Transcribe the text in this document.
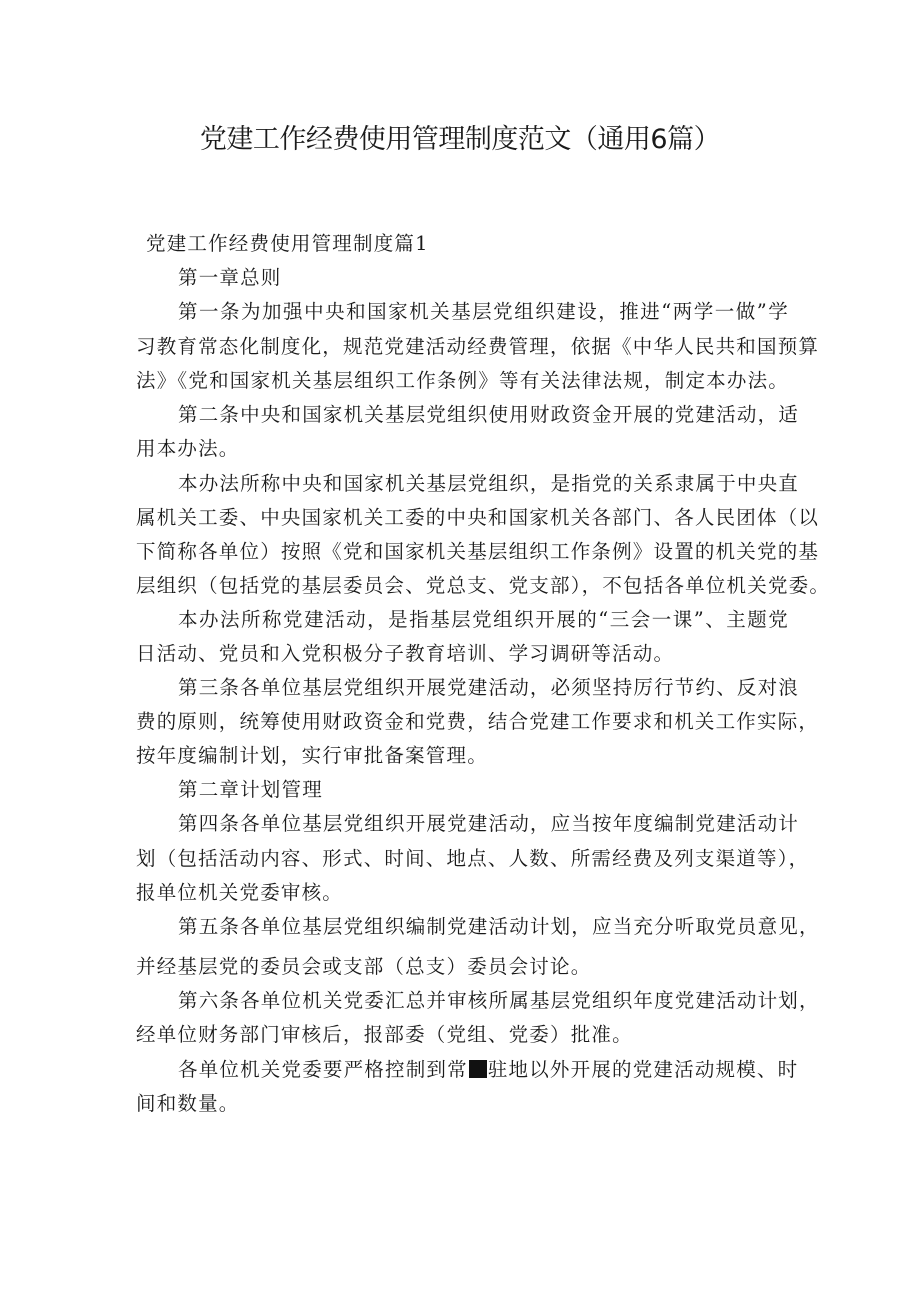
党建工作经费使用管理制度范文（通用6篇）

党建工作经费使用管理制度篇1

第一章总则

第一条为加强中央和国家机关基层党组织建设，推进“两学一做”学

习教育常态化制度化，规范党建活动经费管理，依据《中华人民共和国预算

法》《党和国家机关基层组织工作条例》等有关法律法规，制定本办法。

第二条中央和国家机关基层党组织使用财政资金开展的党建活动，适

用本办法。

本办法所称中央和国家机关基层党组织，是指党的关系隶属于中央直

属机关工委、中央国家机关工委的中央和国家机关各部门、各人民团体（以

下简称各单位）按照《党和国家机关基层组织工作条例》设置的机关党的基

层组织（包括党的基层委员会、党总支、党支部），不包括各单位机关党委。

本办法所称党建活动，是指基层党组织开展的“三会一课”、主题党

日活动、党员和入党积极分子教育培训、学习调研等活动。

第三条各单位基层党组织开展党建活动，必须坚持厉行节约、反对浪

费的原则，统筹使用财政资金和党费，结合党建工作要求和机关工作实际，

按年度编制计划，实行审批备案管理。

第二章计划管理

第四条各单位基层党组织开展党建活动，应当按年度编制党建活动计

划（包括活动内容、形式、时间、地点、人数、所需经费及列支渠道等），

报单位机关党委审核。

第五条各单位基层党组织编制党建活动计划，应当充分听取党员意见，

并经基层党的委员会或支部（总支）委员会讨论。

第六条各单位机关党委汇总并审核所属基层党组织年度党建活动计划，

经单位财务部门审核后，报部委（党组、党委）批准。

各单位机关党委要严格控制到常 驻地以外开展的党建活动规模、时

间和数量。
